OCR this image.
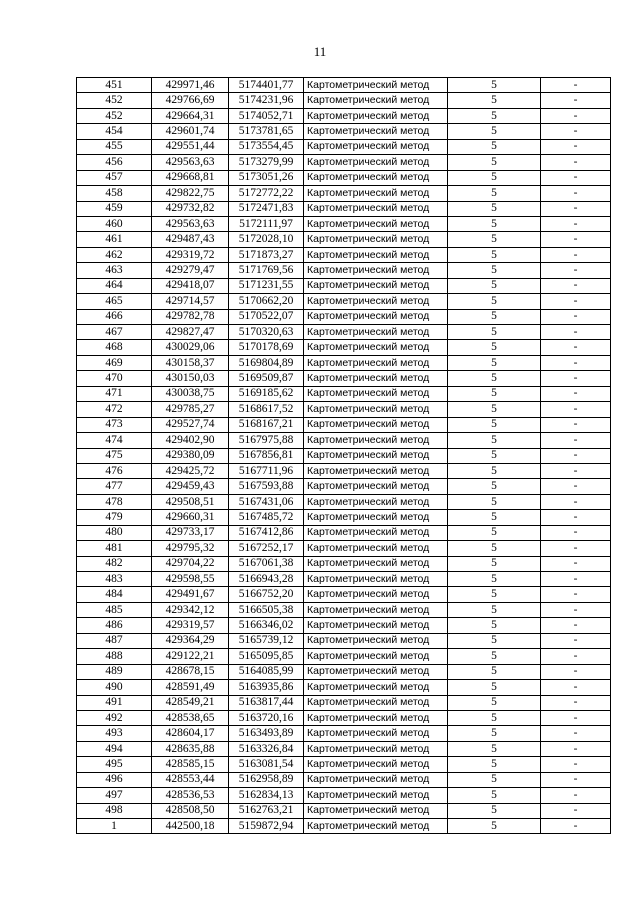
11
451	429971,46	5174401,77	Картометрический метод	5	-
452	429766,69	5174231,96	Картометрический метод	5	-
452	429664,31	5174052,71	Картометрический метод	5	-
454	429601,74	5173781,65	Картометрический метод	5	-
455	429551,44	5173554,45	Картометрический метод	5	-
456	429563,63	5173279,99	Картометрический метод	5	-
457	429668,81	5173051,26	Картометрический метод	5	-
458	429822,75	5172772,22	Картометрический метод	5	-
459	429732,82	5172471,83	Картометрический метод	5	-
460	429563,63	5172111,97	Картометрический метод	5	-
461	429487,43	5172028,10	Картометрический метод	5	-
462	429319,72	5171873,27	Картометрический метод	5	-
463	429279,47	5171769,56	Картометрический метод	5	-
464	429418,07	5171231,55	Картометрический метод	5	-
465	429714,57	5170662,20	Картометрический метод	5	-
466	429782,78	5170522,07	Картометрический метод	5	-
467	429827,47	5170320,63	Картометрический метод	5	-
468	430029,06	5170178,69	Картометрический метод	5	-
469	430158,37	5169804,89	Картометрический метод	5	-
470	430150,03	5169509,87	Картометрический метод	5	-
471	430038,75	5169185,62	Картометрический метод	5	-
472	429785,27	5168617,52	Картометрический метод	5	-
473	429527,74	5168167,21	Картометрический метод	5	-
474	429402,90	5167975,88	Картометрический метод	5	-
475	429380,09	5167856,81	Картометрический метод	5	-
476	429425,72	5167711,96	Картометрический метод	5	-
477	429459,43	5167593,88	Картометрический метод	5	-
478	429508,51	5167431,06	Картометрический метод	5	-
479	429660,31	5167485,72	Картометрический метод	5	-
480	429733,17	5167412,86	Картометрический метод	5	-
481	429795,32	5167252,17	Картометрический метод	5	-
482	429704,22	5167061,38	Картометрический метод	5	-
483	429598,55	5166943,28	Картометрический метод	5	-
484	429491,67	5166752,20	Картометрический метод	5	-
485	429342,12	5166505,38	Картометрический метод	5	-
486	429319,57	5166346,02	Картометрический метод	5	-
487	429364,29	5165739,12	Картометрический метод	5	-
488	429122,21	5165095,85	Картометрический метод	5	-
489	428678,15	5164085,99	Картометрический метод	5	-
490	428591,49	5163935,86	Картометрический метод	5	-
491	428549,21	5163817,44	Картометрический метод	5	-
492	428538,65	5163720,16	Картометрический метод	5	-
493	428604,17	5163493,89	Картометрический метод	5	-
494	428635,88	5163326,84	Картометрический метод	5	-
495	428585,15	5163081,54	Картометрический метод	5	-
496	428553,44	5162958,89	Картометрический метод	5	-
497	428536,53	5162834,13	Картометрический метод	5	-
498	428508,50	5162763,21	Картометрический метод	5	-
1	442500,18	5159872,94	Картометрический метод	5	-
